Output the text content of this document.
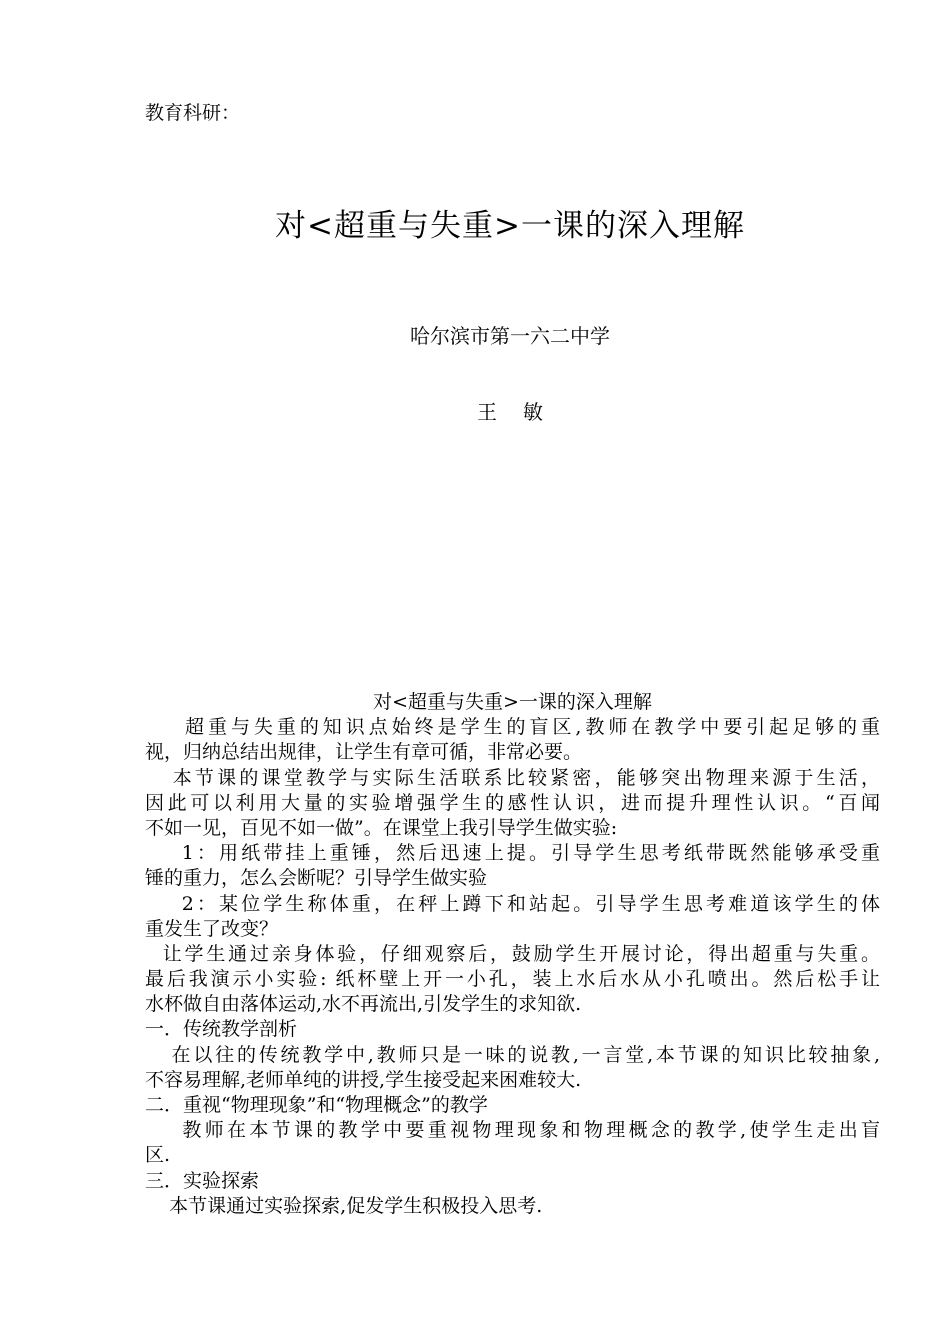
教育科研：
对<超重与失重>一课的深入理解
哈尔滨市第一六二中学
王 敏
对<超重与失重>一课的深入理解
超重与失重的知识点始终是学生的盲区,教师在教学中要引起足够的重
视，归纳总结出规律，让学生有章可循，非常必要。
本节课的课堂教学与实际生活联系比较紧密，能够突出物理来源于生活，
因此可以利用大量的实验增强学生的感性认识，进而提升理性认识。“百闻
不如一见，百见不如一做”。在课堂上我引导学生做实验:
1：用纸带挂上重锤，然后迅速上提。引导学生思考纸带既然能够承受重
锤的重力，怎么会断呢？引导学生做实验
2：某位学生称体重，在秤上蹲下和站起。引导学生思考难道该学生的体
重发生了改变？
让学生通过亲身体验，仔细观察后，鼓励学生开展讨论，得出超重与失重。
最后我演示小实验: 纸杯壁上开一小孔，装上水后水从小孔喷出。然后松手让
水杯做自由落体运动,水不再流出,引发学生的求知欲.
一．传统教学剖析
在以往的传统教学中,教师只是一味的说教,一言堂,本节课的知识比较抽象,
不容易理解,老师单纯的讲授,学生接受起来困难较大.
二．重视“物理现象”和“物理概念”的教学
教师在本节课的教学中要重视物理现象和物理概念的教学,使学生走出盲
区.
三．实验探索
本节课通过实验探索,促发学生积极投入思考.
